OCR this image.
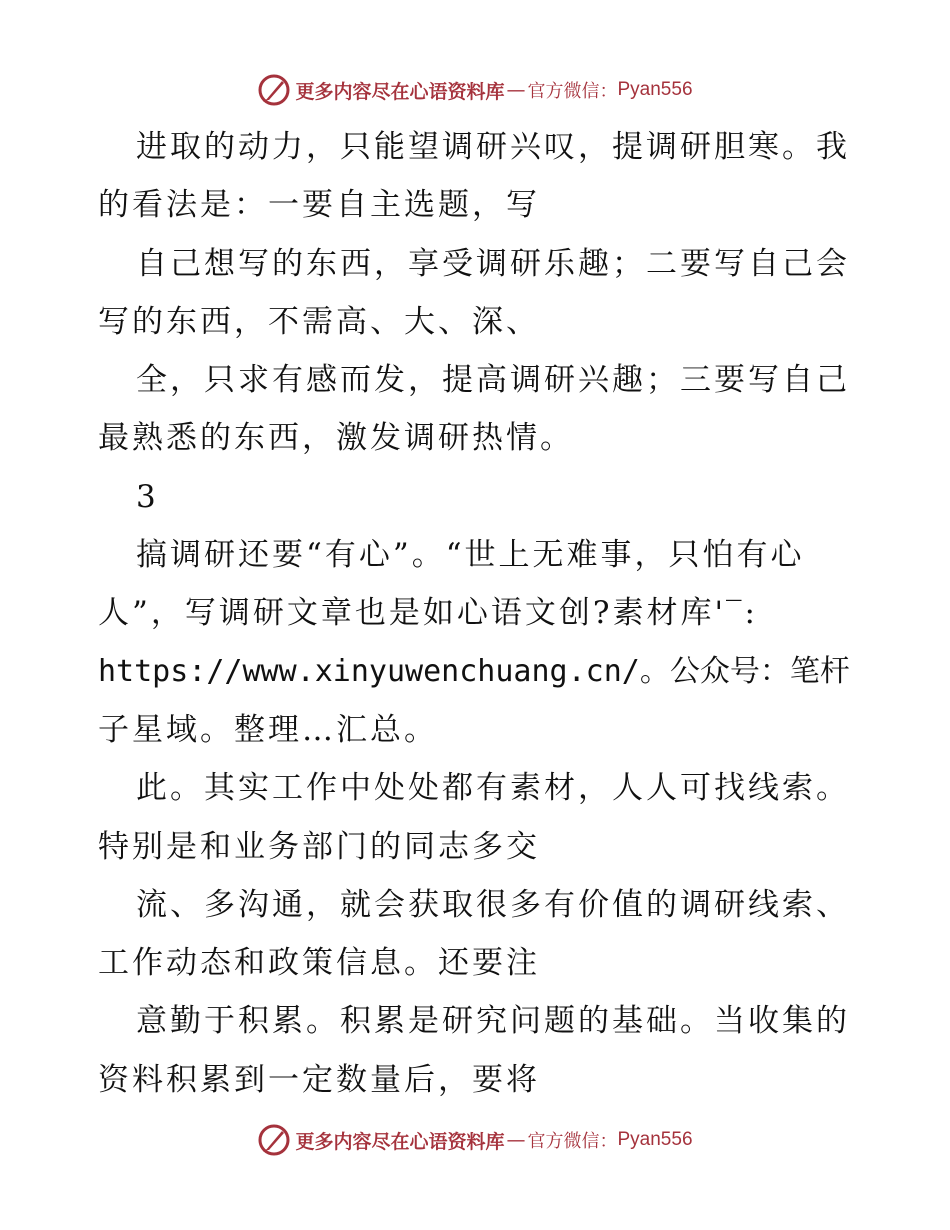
更多内容尽在心语资料库 — 官方微信： Pyan556
进取的动力，只能望调研兴叹，提调研胆寒。我
的看法是：一要自主选题，写
自己想写的东西，享受调研乐趣；二要写自己会
写的东西，不需高、大、深、
全，只求有感而发，提高调研兴趣；三要写自己
最熟悉的东西，激发调研热情。
3
搞调研还要“有心”。“世上无难事，只怕有心
人”，写调研文章也是如心语文创?素材库'‾:
https://www.xinyuwenchuang.cn/。公众号：笔杆
子星域。整理…汇总。
此。其实工作中处处都有素材，人人可找线索。
特别是和业务部门的同志多交
流、多沟通，就会获取很多有价值的调研线索、
工作动态和政策信息。还要注
意勤于积累。积累是研究问题的基础。当收集的
资料积累到一定数量后，要将
更多内容尽在心语资料库 — 官方微信： Pyan556
